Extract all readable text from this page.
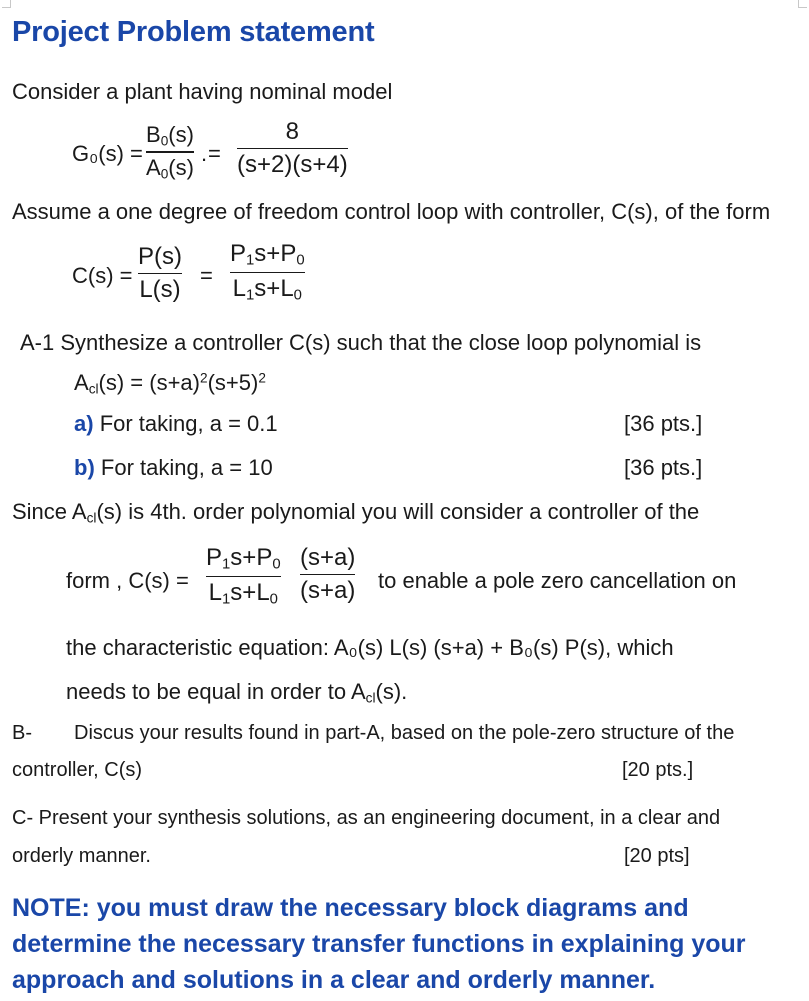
Project Problem statement
Consider a plant having nominal model
G₀(s) =
$B_0(s)$
$A_0(s)$
. =
8
(s+2)(s+4)
Assume a one degree of freedom control loop with controller, C(s), of the form
C(s) =
P(s)
L(s)
=
$P_1s+P_0$
$L_1s+L_0$
A-1 Synthesize a controller C(s) such that the close loop polynomial is
$A_{cl}(s) = (s+a)^2(s+5)^2$
a) For taking, a = 0.1	[36 pts.]
b) For taking, a = 10	[36 pts.]
Since $A_{cl}(s)$ is 4th. order polynomial you will consider a controller of the
form , C(s) =
$P_1s+P_0$
$L_1s+L_0$
(s+a)
(s+a) to enable a pole zero cancellation on
the characteristic equation: A₀(s) L(s) (s+a) + B₀(s) P(s), which
needs to be equal in order to $A_{cl}(s)$.
B- Discus your results found in part-A, based on the pole-zero structure of the
controller, C(s)	[20 pts.]
C- Present your synthesis solutions, as an engineering document, in a clear and
orderly manner.	[20 pts]
NOTE: you must draw the necessary block diagrams and determine the necessary transfer functions in explaining your approach and solutions in a clear and orderly manner.
